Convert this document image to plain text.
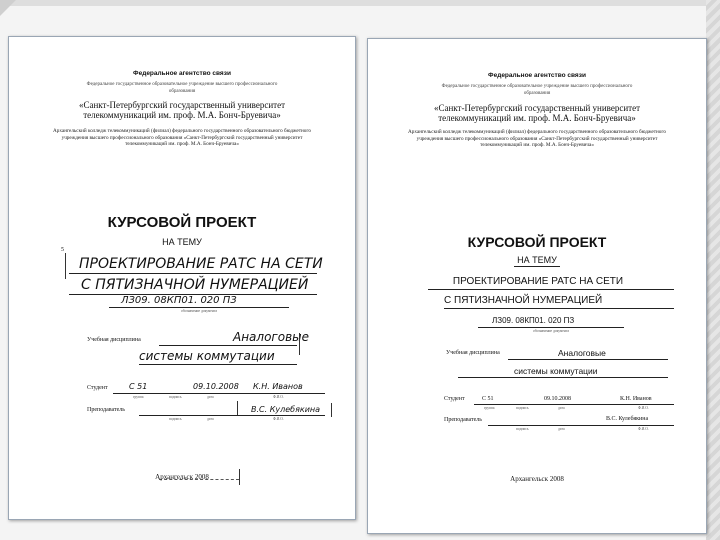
Федеральное агентство связи
Федеральное государственное образовательное учреждение высшего профессионального образования
«Санкт-Петербургский государственный университет телекоммуникаций им. проф. М.А. Бонч-Бруевича»
Архангельский колледж телекоммуникаций (филиал) федерального государственного образовательного бюджетного учреждения высшего профессионального образования «Санкт-Петербургский государственный университет телекоммуникаций им. проф. М.А. Бонч-Бруевича»
КУРСОВОЙ ПРОЕКТ
НА ТЕМУ
5
ПРОЕКТИРОВАНИЕ РАТС НА СЕТИ
С ПЯТИЗНАЧНОЙ НУМЕРАЦИЕЙ
ЛЗ09. 08КП01. 020 ПЗ
обозначение документа
Учебная дисциплина	Аналоговые
системы коммутации
Студент	С 51	09.10.2008 К.Н. Иванов
группа	подпись	дата	Ф.И.О.
Преподаватель	В.С. Кулебякина
подпись	дата	Ф.И.О.
Архангельск 2008
Федеральное агентство связи
Федеральное государственное образовательное учреждение высшего профессионального образования
«Санкт-Петербургский государственный университет телекоммуникаций им. проф. М.А. Бонч-Бруевича»
Архангельский колледж телекоммуникаций (филиал) федерального государственного образовательного бюджетного учреждения высшего профессионального образования «Санкт-Петербургский государственный университет телекоммуникаций им. проф. М.А. Бонч-Бруевича»
КУРСОВОЙ ПРОЕКТ
НА ТЕМУ
ПРОЕКТИРОВАНИЕ РАТС НА СЕТИ
С ПЯТИЗНАЧНОЙ НУМЕРАЦИЕЙ
ЛЗ09. 08КП01. 020 ПЗ
обозначение документа
Учебная дисциплина	Аналоговые
системы коммутации
Студент	С 51	09.10.2008	К.Н. Иванов
группа	подпись	дата	Ф.И.О.
Преподаватель	В.С. Кулебякина
подпись	дата	Ф.И.О.
Архангельск 2008
